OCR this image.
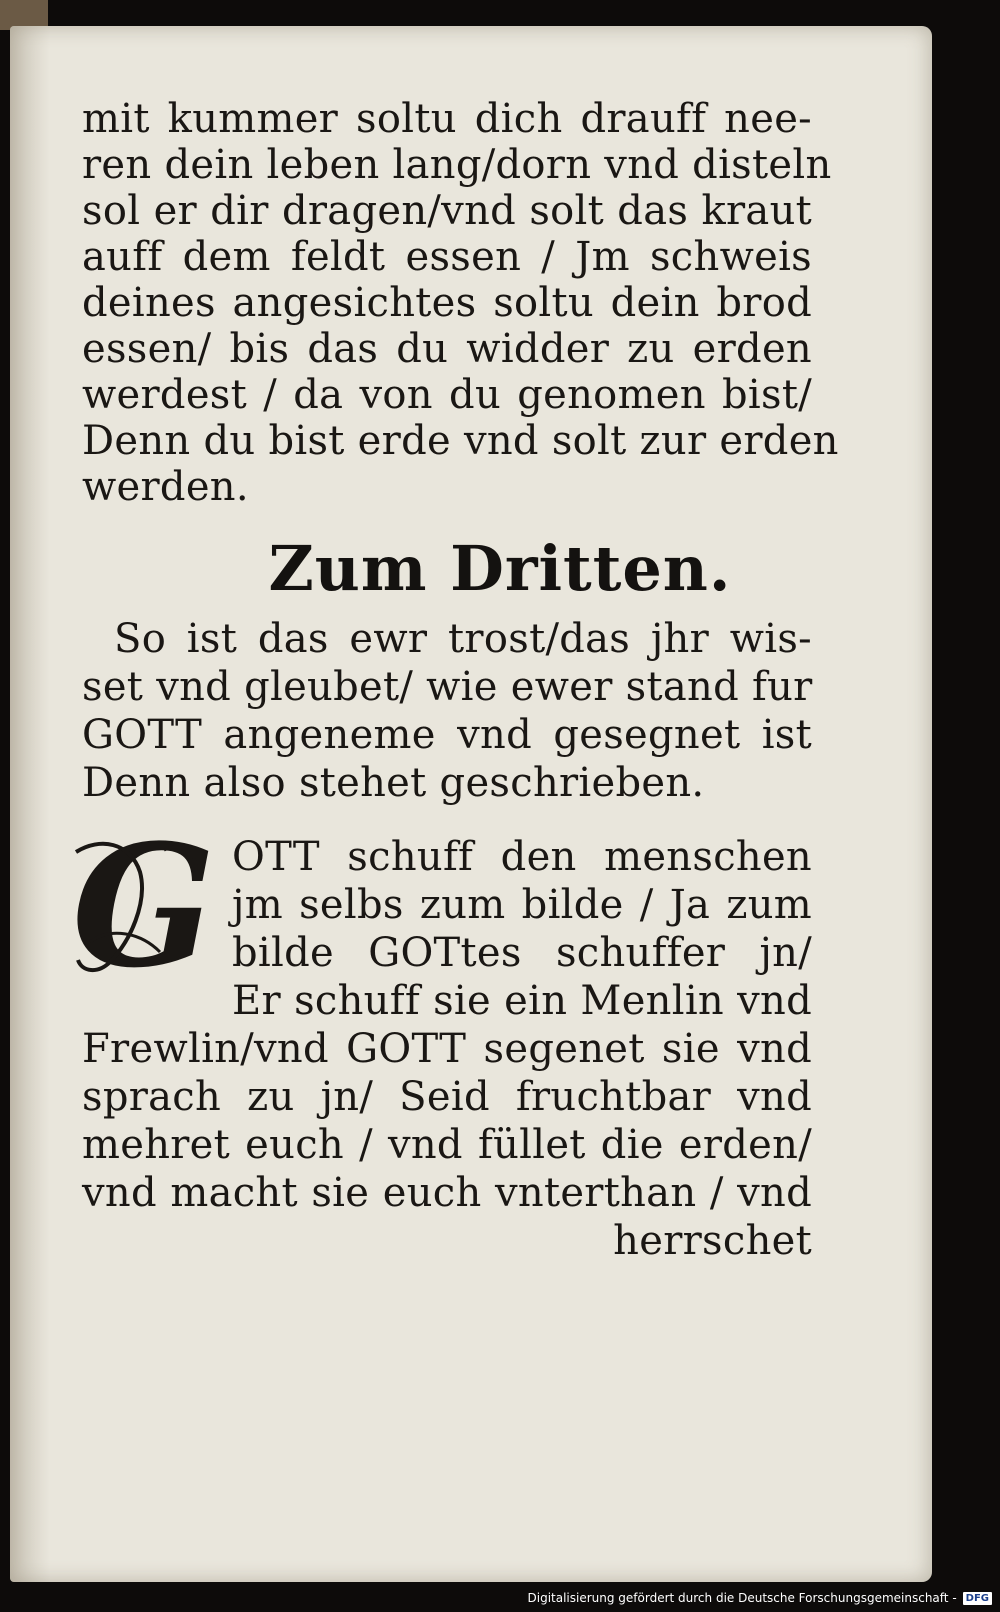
mit kummer soltu dich drauff nee-
ren dein leben lang/dorn vnd disteln
sol er dir dragen/vnd solt das kraut
auff dem feldt essen / Jm schweis
deines angesichtes soltu dein brod
essen/ bis das du widder zu erden
werdest / da von du genomen bist/
Denn du bist erde vnd solt zur erden
werden.
Zum Dritten.
So ist das ewr trost/das jhr wis-
set vnd gleubet/ wie ewer stand fur
GOTT angeneme vnd gesegnet ist
Denn also stehet geschrieben.
G OTT schuff den menschen
jm selbs zum bilde / Ja zum
bilde GOTtes schuffer jn/
Er schuff sie ein Menlin vnd
Frewlin/vnd GOTT segenet sie vnd
sprach zu jn/ Seid fruchtbar vnd
mehret euch / vnd füllet die erden/
vnd macht sie euch vnterthan / vnd
herrschet
Digitalisierung gefördert durch die Deutsche Forschungsgemeinschaft - DFG
